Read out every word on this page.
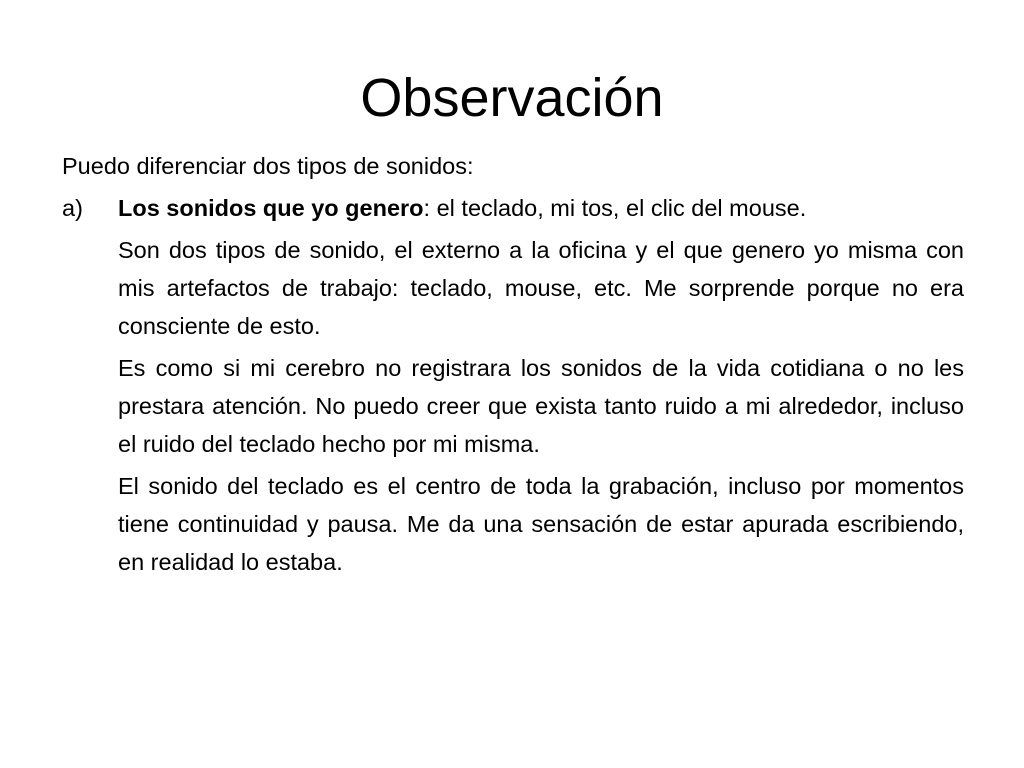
Observación

Puedo diferenciar dos tipos de sonidos:

a) Los sonidos que yo genero: el teclado, mi tos, el clic del mouse.

Son dos tipos de sonido, el externo a la oficina y el que genero yo misma con mis artefactos de trabajo: teclado, mouse, etc. Me sorprende porque no era consciente de esto.

Es como si mi cerebro no registrara los sonidos de la vida cotidiana o no les prestara atención. No puedo creer que exista tanto ruido a mi alrededor, incluso el ruido del teclado hecho por mi misma.

El sonido del teclado es el centro de toda la grabación, incluso por momentos tiene continuidad y pausa. Me da una sensación de estar apurada escribiendo, en realidad lo estaba.
